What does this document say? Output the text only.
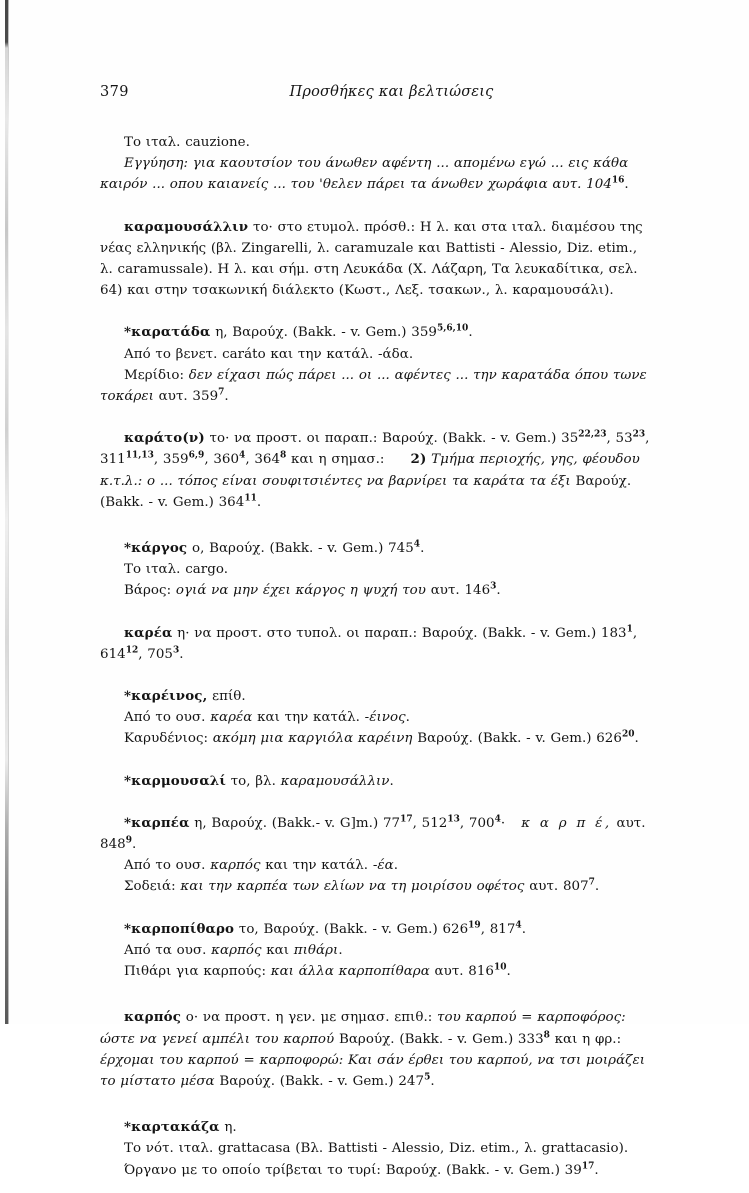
379	Προσθήκες και βελτιώσεις

Το ιταλ. cauzione.

Εγγύηση: για καουτσίον του άνωθεν αφέντη ... απομένω εγώ ... εις κάθα καιρόν ... οπου καιανείς ... του 'θελεν πάρει τα άνωθεν χωράφια αυτ. $104^{16}$.

καραμουσάλλιν το· στο ετυμολ. πρόσθ.: Η λ. και στα ιταλ. διαμέσου της νέας ελληνικής (βλ. Zingarelli, λ. caramuzale και Battisti - Alessio, Diz. etim., λ. caramussale). Η λ. και σήμ. στη Λευκάδα (Χ. Λάζαρη, Τα λευκαδίτικα, σελ. 64) και στην τσακωνική διάλεκτο (Κωστ., Λεξ. τσακων., λ. καραμουσάλι).

*καρατάδα η, Βαρούχ. (Bakk. - v. Gem.) 359$^{5,6,10}$.

Από το βενετ. caráto και την κατάλ. -άδα.

Μερίδιο: δεν είχασι πώς πάρει ... οι ... αφέντες ... την καρατάδα όπου τωνε τοκάρει αυτ. $359^7$.

καράτο(ν) το· να προστ. οι παραπ.: Βαρούχ. (Bakk. - v. Gem.) 35$^{22,23}$, $53^{23}$, 311$^{11,13}$, 359$^{6,9}$, $360^4$, $364^8$ και η σημασ.: 2) Τμήμα περιοχής, γης, φέουδου κ.τ.λ.: ο ... τόπος είναι σουφιτσιέντες να βαρνίρει τα καράτα τα έξι Βαρούχ. (Bakk. - v. Gem.) $364^{11}$.

*κάργος ο, Βαρούχ. (Bakk. - v. Gem.) $745^4$.

Το ιταλ. cargo.

Βάρος: ογιά να μην έχει κάργος η ψυχή του αυτ. $146^3$.

καρέα η· να προστ. στο τυπολ. οι παραπ.: Βαρούχ. (Bakk. - v. Gem.) $183^1$, $614^{12}$, $705^3$.

*καρέινος, επίθ.

Από το ουσ. καρέα και την κατάλ. -έινος.

Καρυδένιος: ακόμη μια καργιόλα καρέινη Βαρούχ. (Bakk. - v. Gem.) $626^{20}$.

*καρμουσαλί το, βλ. καραμουσάλλιν.

*καρπέα η, Βαρούχ. (Bakk.- v. G]m.) $77^{17}$, $512^{13}$, $700^4\cdot \kappa$ α ρ π έ, αυτ. $848^9$.

Από το ουσ. καρπός και την κατάλ. -έα.

Σοδειά: και την καρπέα των ελίων να τη μοιρίσου οφέτος αυτ. $807^7$.

*καρποπίθαρο το, Βαρούχ. (Bakk. - v. Gem.) $626^{19}$, $817^4$.

Από τα ουσ. καρπός και πιθάρι.

Πιθάρι για καρπούς: και άλλα καρποπίθαρα αυτ. $816^{10}$.

καρπός ο· να προστ. η γεν. με σημασ. επιθ.: του καρπού = καρποφόρος: ώστε να γενεί αμπέλι του καρπού Βαρούχ. (Bakk. - v. Gem.) $333^8$ και η φρ.: έρχομαι του καρπού = καρποφορώ: Και σάν έρθει του καρπού, να τσι μοιράζει το μίστατο μέσα Βαρούχ. (Bakk. - v. Gem.) $247^5$.

*καρτακάζα η.

Το νότ. ιταλ. grattacasa (Βλ. Battisti - Alessio, Diz. etim., λ. grattacasio).

Όργανο με το οποίο τρίβεται το τυρί: Βαρούχ. (Bakk. - v. Gem.) $39^{17}$.
